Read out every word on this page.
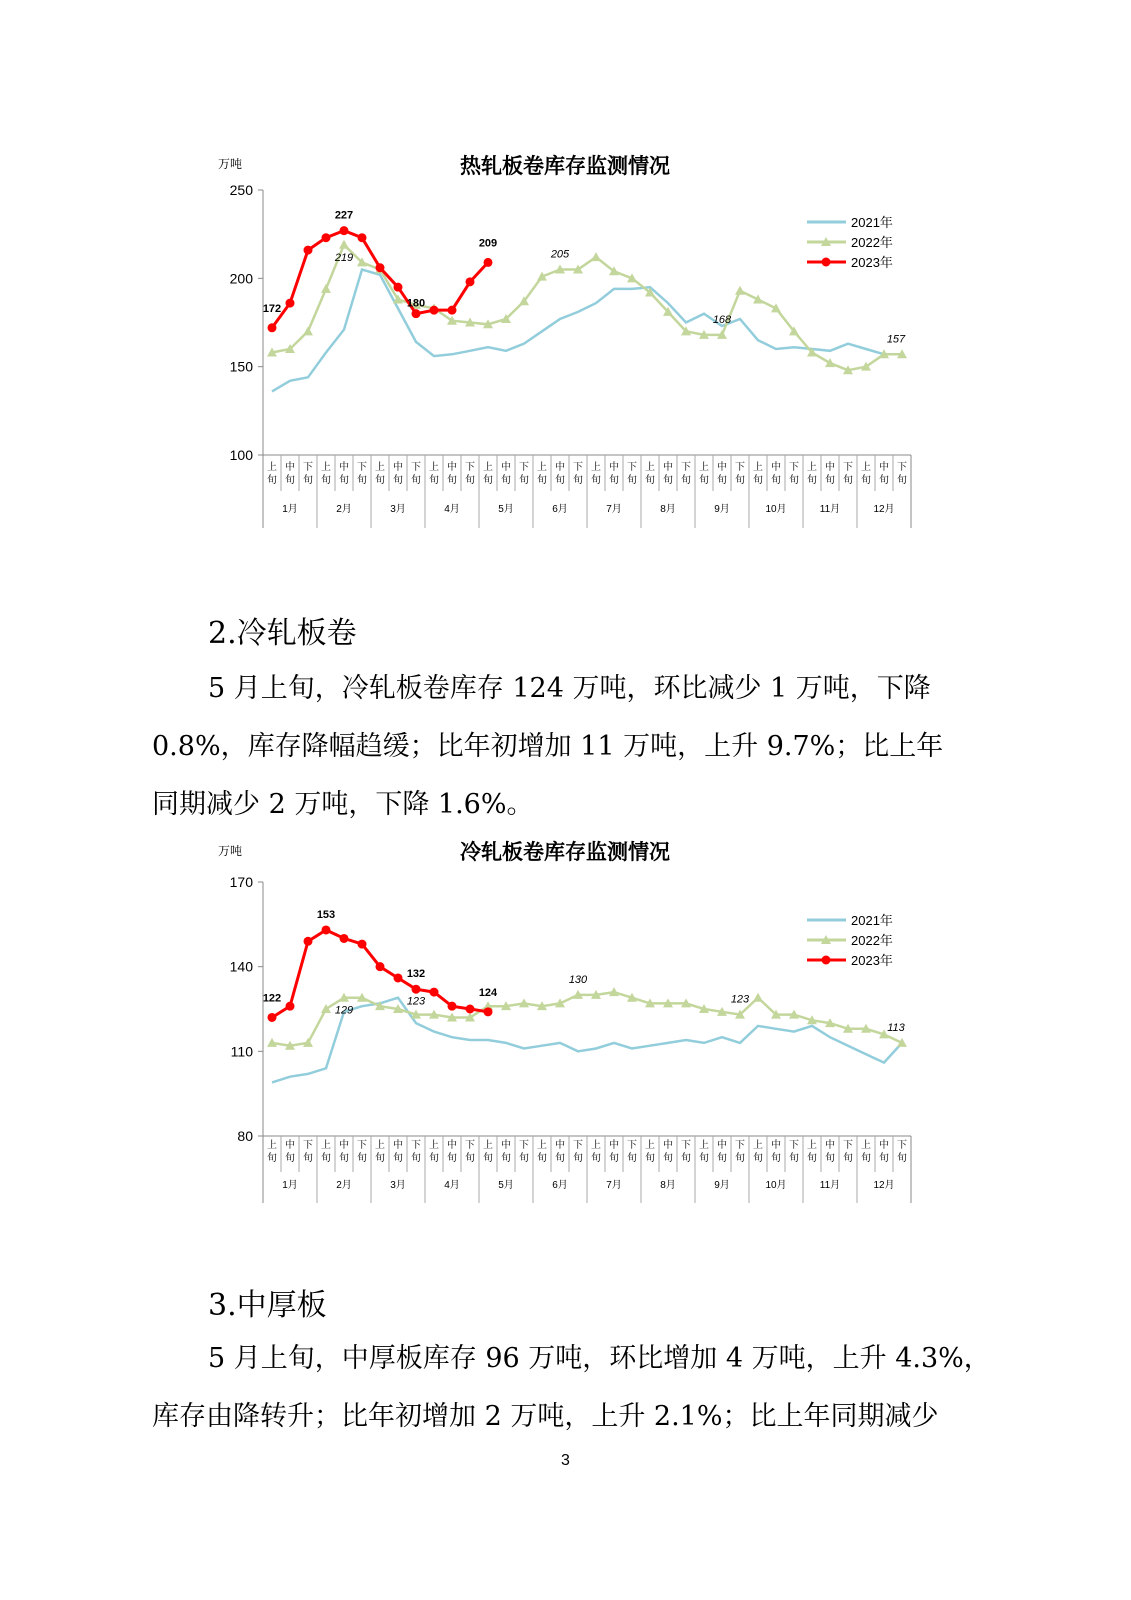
热轧板卷库存监测情况
万吨
100
150
200
250
上
旬
中
旬
下
旬
上
旬
中
旬
下
旬
上
旬
中
旬
下
旬
上
旬
中
旬
下
旬
上
旬
中
旬
下
旬
上
旬
中
旬
下
旬
上
旬
中
旬
下
旬
上
旬
中
旬
下
旬
上
旬
中
旬
下
旬
上
旬
中
旬
下
旬
上
旬
中
旬
下
旬
上
旬
中
旬
下
旬
1月	2月	3月	4月	5月	6月	7月	8月	9月	10月	11月	12月
172
227
219
180
209
205
168
157
2021年
2022年
2023年
2.冷轧板卷

5 月上旬，冷轧板卷库存 124 万吨，环比减少 1 万吨，下降

0.8%，库存降幅趋缓；比年初增加 11 万吨，上升 9.7%；比上年

同期减少 2 万吨，下降 1.6%。

冷轧板卷库存监测情况
万吨
80
110
140
170
上
旬
中
旬
下
旬
上
旬
中
旬
下
旬
上
旬
中
旬
下
旬
上
旬
中
旬
下
旬
上
旬
中
旬
下
旬
上
旬
中
旬
下
旬
上
旬
中
旬
下
旬
上
旬
中
旬
下
旬
上
旬
中
旬
下
旬
上
旬
中
旬
下
旬
上
旬
中
旬
下
旬
上
旬
中
旬
下
旬
1月	2月	3月	4月	5月	6月	7月	8月	9月	10月	11月	12月
122
153
129
132
123
124
130
123
113
2021年
2022年
2023年
3.中厚板

5 月上旬，中厚板库存 96 万吨，环比增加 4 万吨，上升 4.3%，

库存由降转升；比年初增加 2 万吨，上升 2.1%；比上年同期减少

3
